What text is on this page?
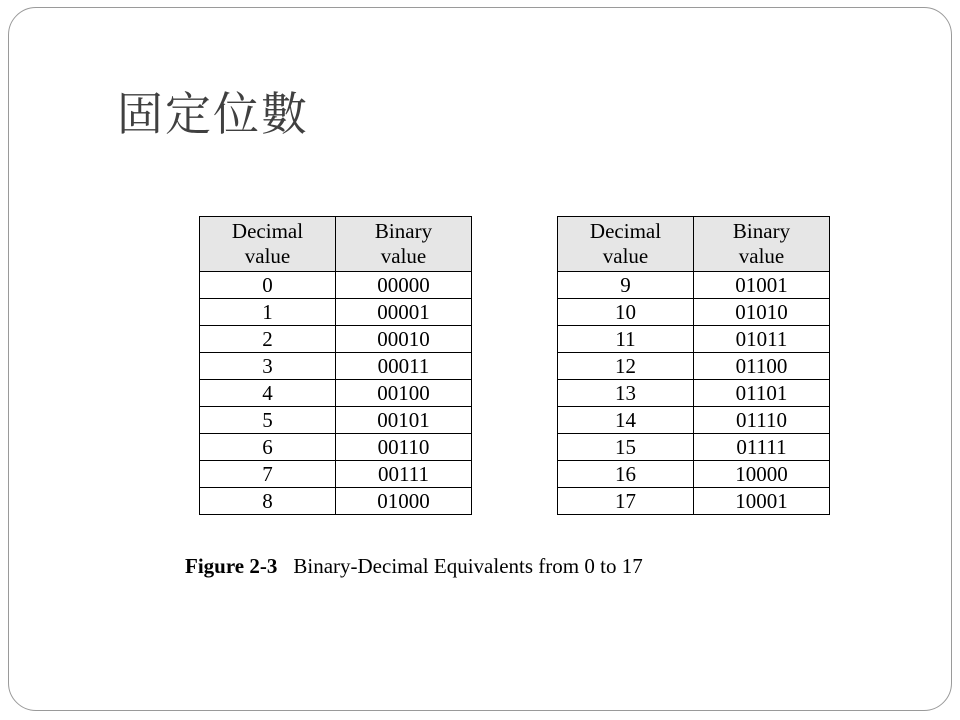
固定位數
Decimal
value	Binary
value
0	00000
1	00001
2	00010
3	00011
4	00100
5	00101
6	00110
7	00111
8	01000
Decimal
value	Binary
value
9	01001
10	01010
11	01011
12	01100
13	01101
14	01110
15	01111
16	10000
17	10001
Figure 2-3 Binary-Decimal Equivalents from 0 to 17
